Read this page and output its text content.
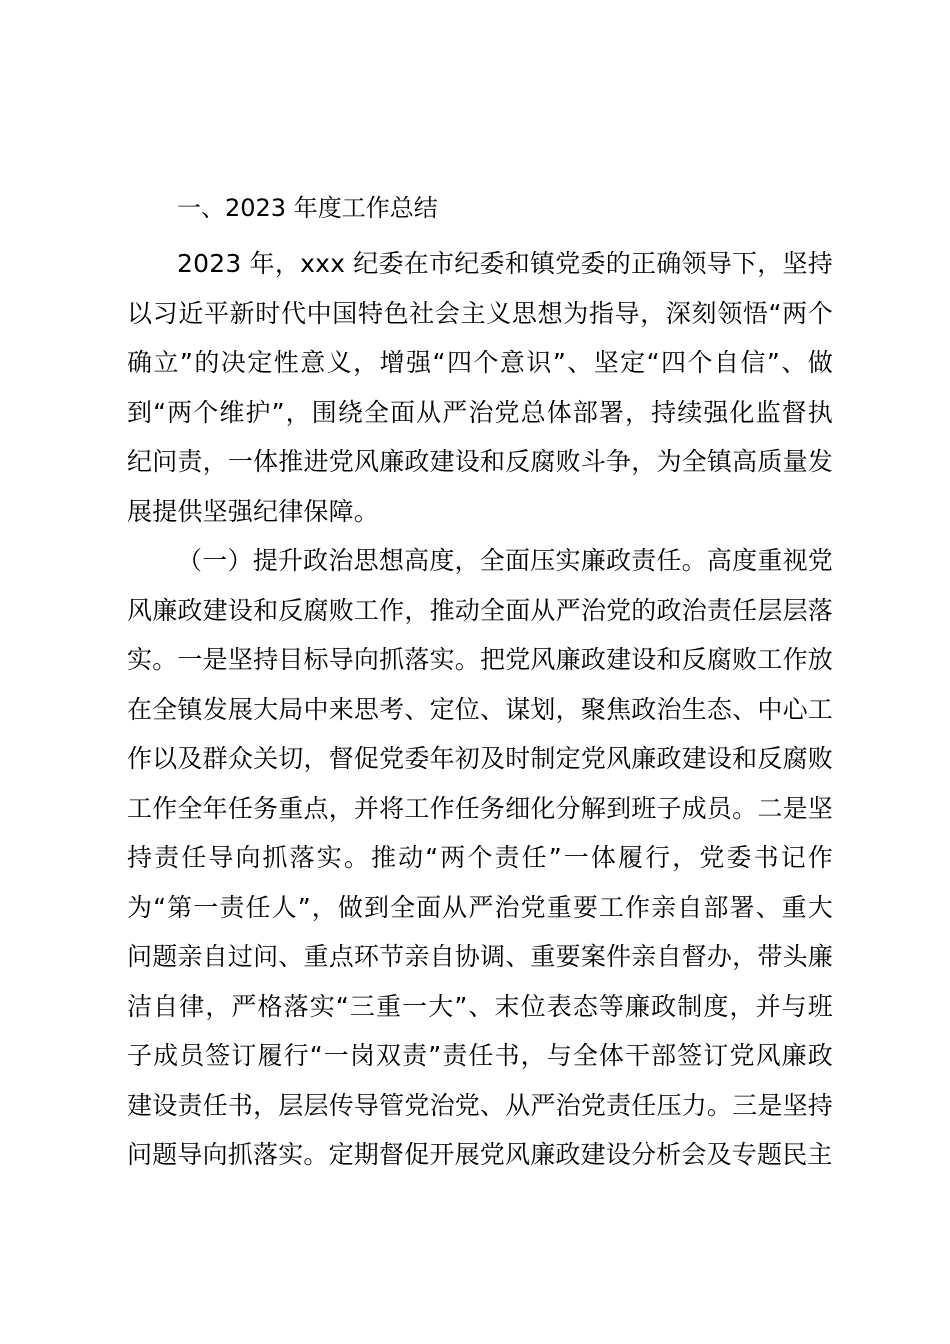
一、2023 年度工作总结

2023 年，xxx 纪委在市纪委和镇党委的正确领导下，坚持以习近平新时代中国特色社会主义思想为指导，深刻领悟“两个确立”的决定性意义，增强“四个意识”、坚定“四个自信”、做到“两个维护”，围绕全面从严治党总体部署，持续强化监督执纪问责，一体推进党风廉政建设和反腐败斗争，为全镇高质量发展提供坚强纪律保障。

（一）提升政治思想高度，全面压实廉政责任。高度重视党风廉政建设和反腐败工作，推动全面从严治党的政治责任层层落实。一是坚持目标导向抓落实。把党风廉政建设和反腐败工作放在全镇发展大局中来思考、定位、谋划，聚焦政治生态、中心工作以及群众关切，督促党委年初及时制定党风廉政建设和反腐败工作全年任务重点，并将工作任务细化分解到班子成员。二是坚持责任导向抓落实。推动“两个责任”一体履行，党委书记作为“第一责任人”，做到全面从严治党重要工作亲自部署、重大问题亲自过问、重点环节亲自协调、重要案件亲自督办，带头廉洁自律，严格落实“三重一大”、末位表态等廉政制度，并与班子成员签订履行“一岗双责”责任书，与全体干部签订党风廉政建设责任书，层层传导管党治党、从严治党责任压力。三是坚持问题导向抓落实。定期督促开展党风廉政建设分析会及专题民主
